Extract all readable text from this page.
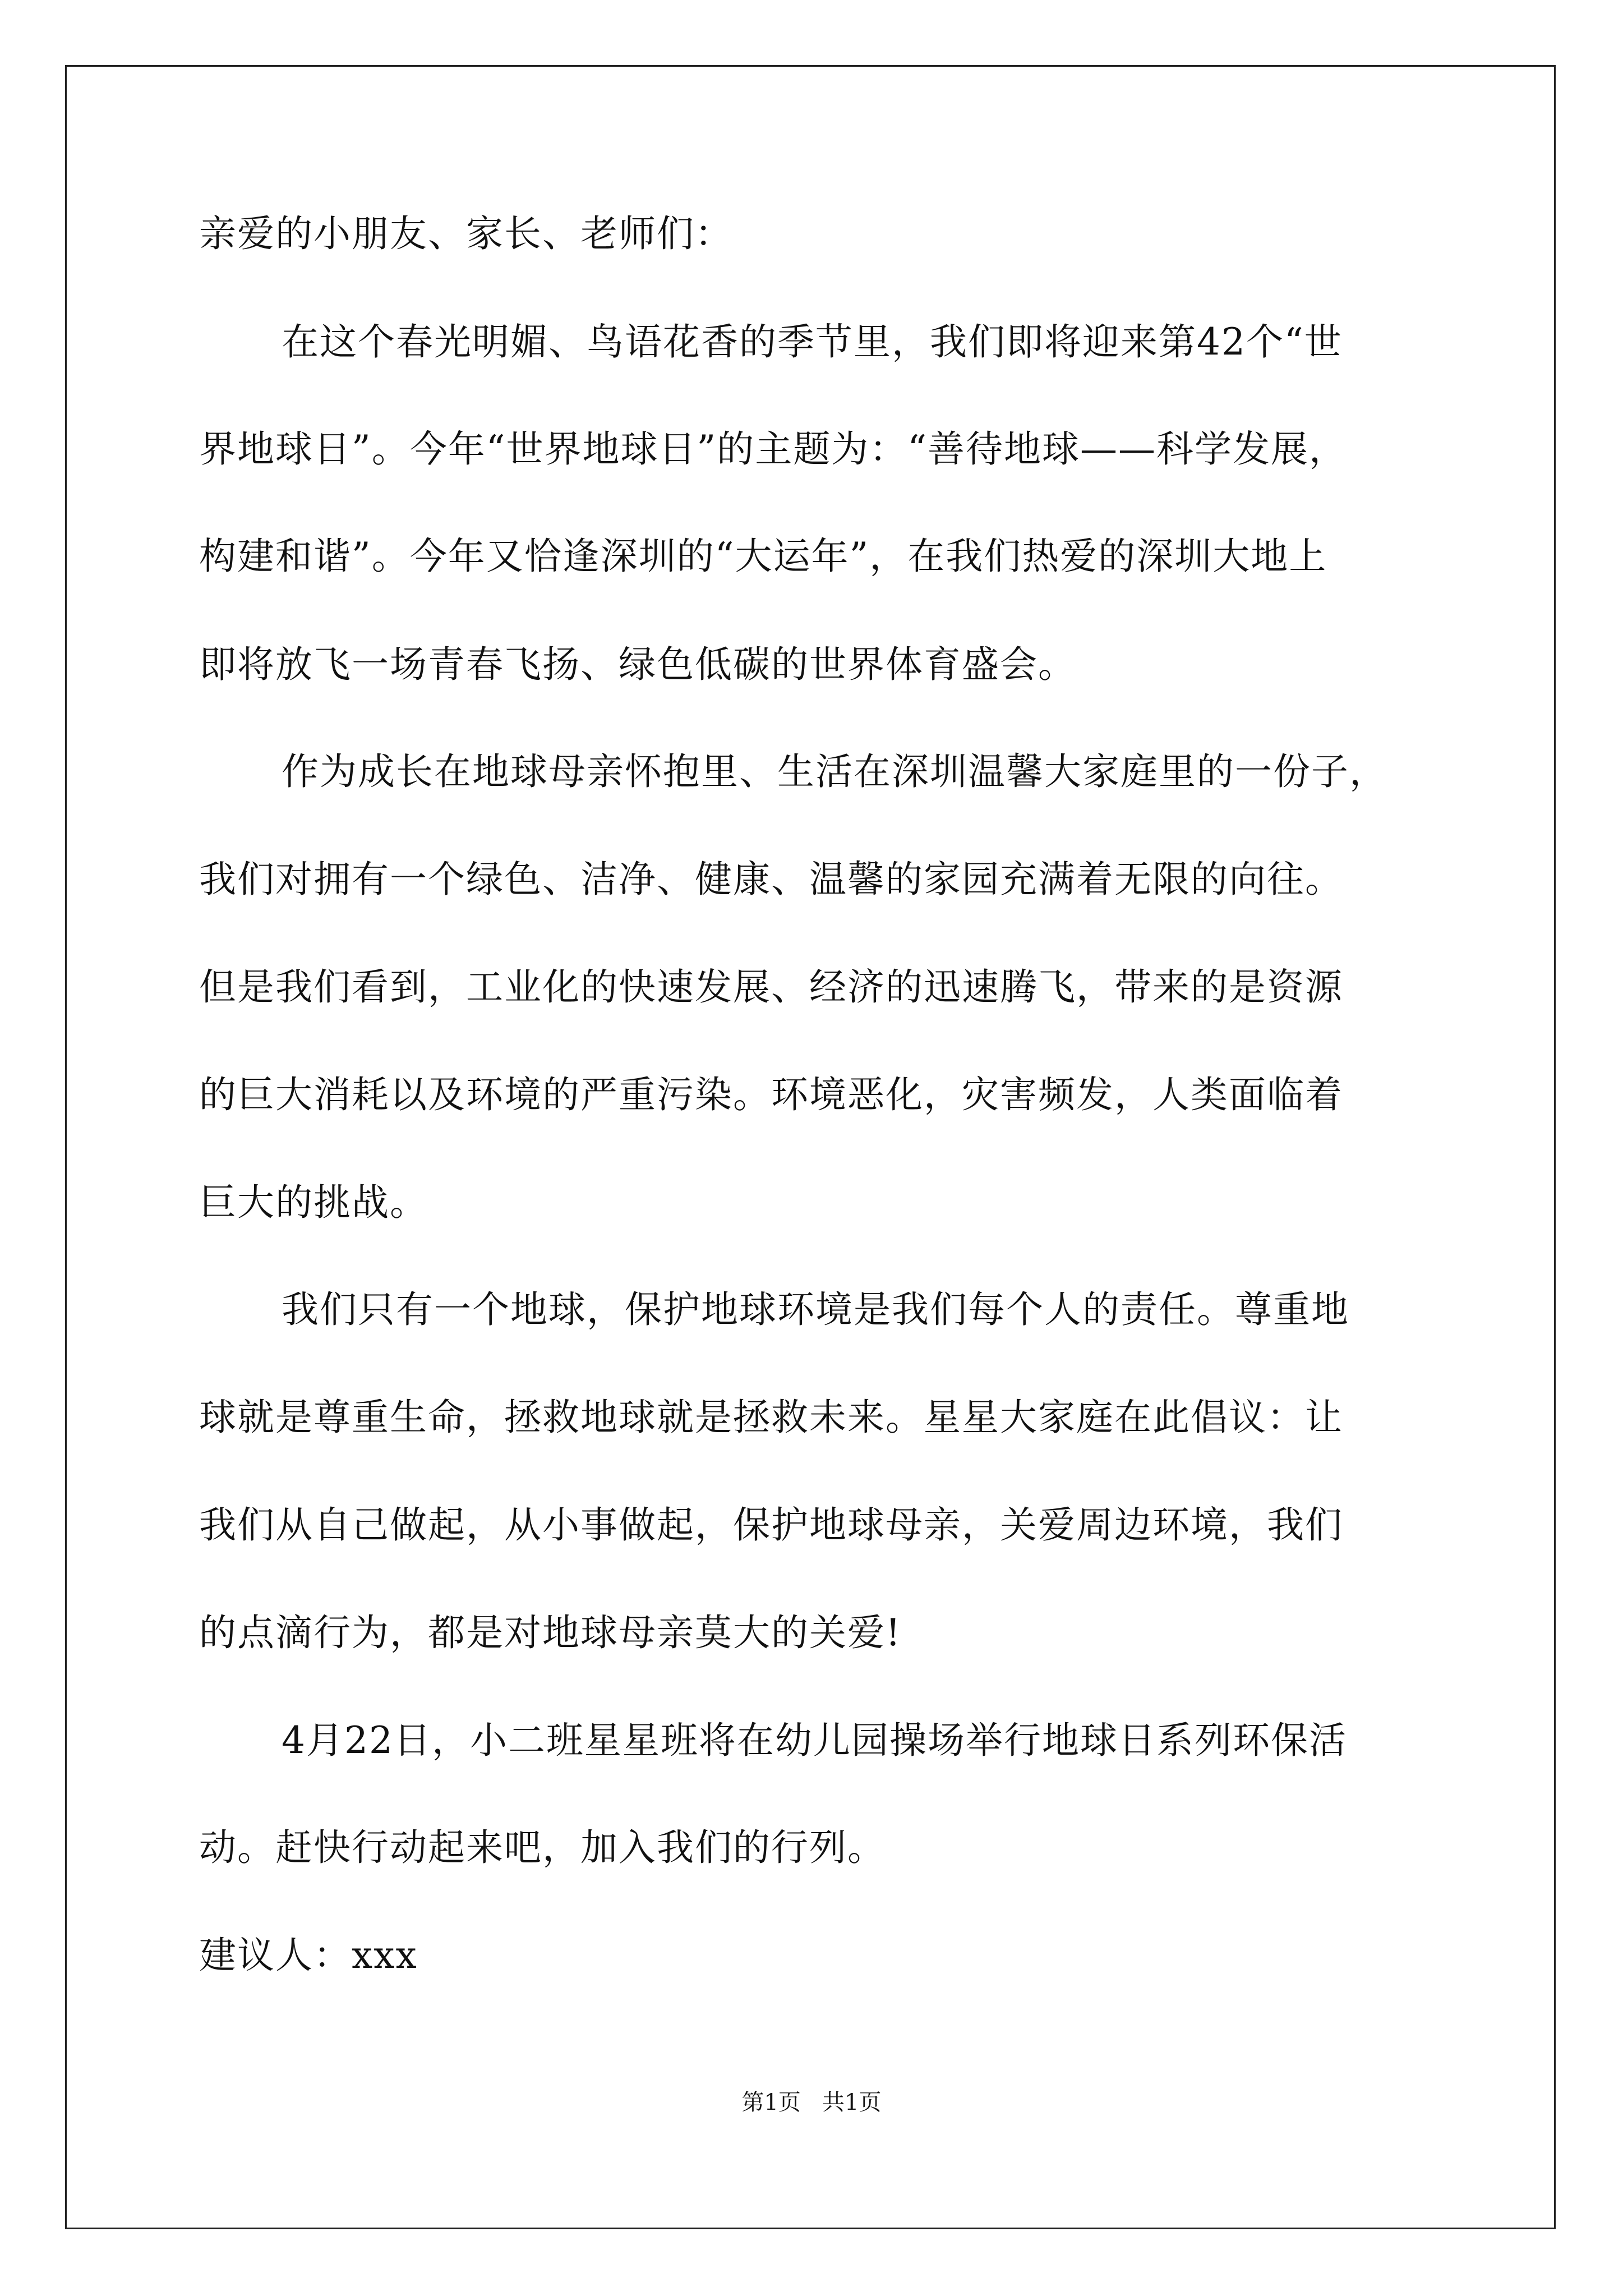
亲爱的小朋友、家长、老师们：
在这个春光明媚、鸟语花香的季节里，我们即将迎来第42个“世
界地球日”。今年“世界地球日”的主题为：“善待地球——科学发展，
构建和谐”。今年又恰逢深圳的“大运年”，在我们热爱的深圳大地上
即将放飞一场青春飞扬、绿色低碳的世界体育盛会。
作为成长在地球母亲怀抱里、生活在深圳温馨大家庭里的一份子，
我们对拥有一个绿色、洁净、健康、温馨的家园充满着无限的向往。
但是我们看到，工业化的快速发展、经济的迅速腾飞，带来的是资源
的巨大消耗以及环境的严重污染。环境恶化，灾害频发，人类面临着
巨大的挑战。
我们只有一个地球，保护地球环境是我们每个人的责任。尊重地
球就是尊重生命，拯救地球就是拯救未来。星星大家庭在此倡议：让
我们从自己做起，从小事做起，保护地球母亲，关爱周边环境，我们
的点滴行为，都是对地球母亲莫大的关爱!
4月22日，小二班星星班将在幼儿园操场举行地球日系列环保活
动。赶快行动起来吧，加入我们的行列。
建议人：xxx
第1页   共1页
